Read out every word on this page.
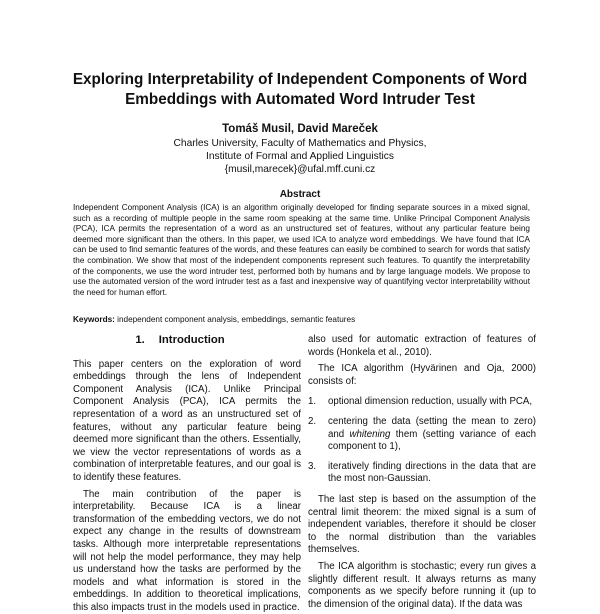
Exploring Interpretability of Independent Components of Word Embeddings with Automated Word Intruder Test
Tomáš Musil, David Mareček
Charles University, Faculty of Mathematics and Physics,
Institute of Formal and Applied Linguistics
{musil,marecek}@ufal.mff.cuni.cz
Abstract

Independent Component Analysis (ICA) is an algorithm originally developed for finding separate sources in a mixed signal, such as a recording of multiple people in the same room speaking at the same time. Unlike Principal Component Analysis (PCA), ICA permits the representation of a word as an unstructured set of features, without any particular feature being deemed more significant than the others. In this paper, we used ICA to analyze word embeddings. We have found that ICA can be used to find semantic features of the words, and these features can easily be combined to search for words that satisfy the combination. We show that most of the independent components represent such features. To quantify the interpretability of the components, we use the word intruder test, performed both by humans and by large language models. We propose to use the automated version of the word intruder test as a fast and inexpensive way of quantifying vector interpretability without the need for human effort.

Keywords: independent component analysis, embeddings, semantic features

1. Introduction

This paper centers on the exploration of word embeddings through the lens of Independent Component Analysis (ICA). Unlike Principal Component Analysis (PCA), ICA permits the representation of a word as an unstructured set of features, without any particular feature being deemed more significant than the others. Essentially, we view the vector representations of words as a combination of interpretable features, and our goal is to identify these features.

The main contribution of the paper is interpretability. Because ICA is a linear transformation of the embedding vectors, we do not expect any change in the results of downstream tasks. Although more interpretable representations will not help the model performance, they may help us understand how the tasks are performed by the models and what information is stored in the embeddings. In addition to theoretical implications, this also impacts trust in the models used in practice.

also used for automatic extraction of features of words (Honkela et al., 2010).

The ICA algorithm (Hyvärinen and Oja, 2000) consists of:

1. optional dimension reduction, usually with PCA,
2. centering the data (setting the mean to zero) and whitening them (setting variance of each component to 1),
3. iteratively finding directions in the data that are the most non-Gaussian.

The last step is based on the assumption of the central limit theorem: the mixed signal is a sum of independent variables, therefore it should be closer to the normal distribution than the variables themselves.

The ICA algorithm is stochastic; every run gives a slightly different result. It always returns as many components as we specify before running it (up to the dimension of the original data). If the data was
